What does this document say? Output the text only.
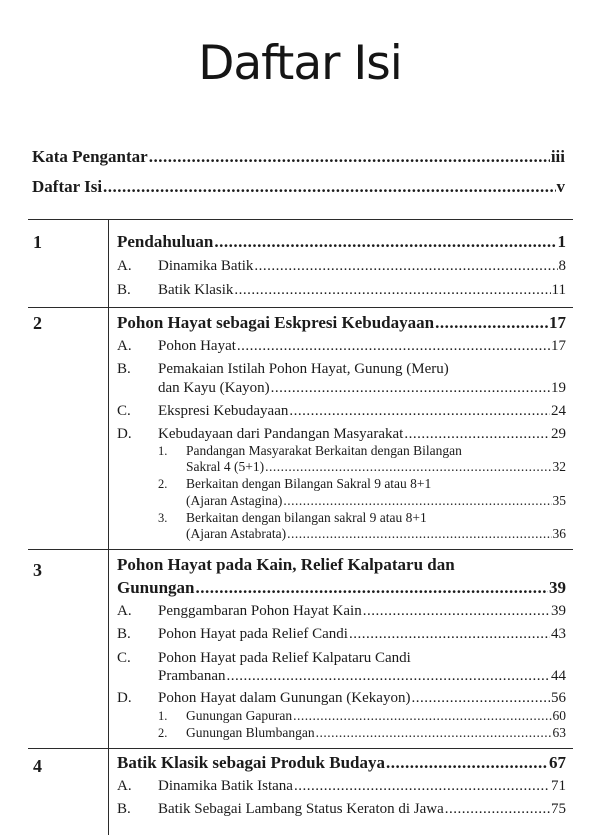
Daftar Isi
Kata Pengantar .....	iii
Daftar Isi .....	v
1	Pendahuluan .....	1
A. Dinamika Batik .....	8
B. Batik Klasik .....	11
2	Pohon Hayat sebagai Eskpresi Kebudayaan .....	17
A. Pohon Hayat .....	17
B. Pemakaian Istilah Pohon Hayat, Gunung (Meru)
dan Kayu (Kayon) .....	19
C. Ekspresi Kebudayaan .....	24
D. Kebudayaan dari Pandangan Masyarakat .....	29
1. Pandangan Masyarakat Berkaitan dengan Bilangan
Sakral 4 (5+1) .....	32
2. Berkaitan dengan Bilangan Sakral 9 atau 8+1
(Ajaran Astagina) .....	35
3. Berkaitan dengan bilangan sakral 9 atau 8+1
(Ajaran Astabrata) .....	36
3	Pohon Hayat pada Kain, Relief Kalpataru dan
Gunungan .....	39
A. Penggambaran Pohon Hayat Kain .....	39
B. Pohon Hayat pada Relief Candi .....	43
C. Pohon Hayat pada Relief Kalpataru Candi
Prambanan .....	44
D. Pohon Hayat dalam Gunungan (Kekayon) .....	56
1. Gunungan Gapuran .....	60
2. Gunungan Blumbangan .....	63
4	Batik Klasik sebagai Produk Budaya .....	67
A. Dinamika Batik Istana .....	71
B. Batik Sebagai Lambang Status Keraton di Jawa .....	75
